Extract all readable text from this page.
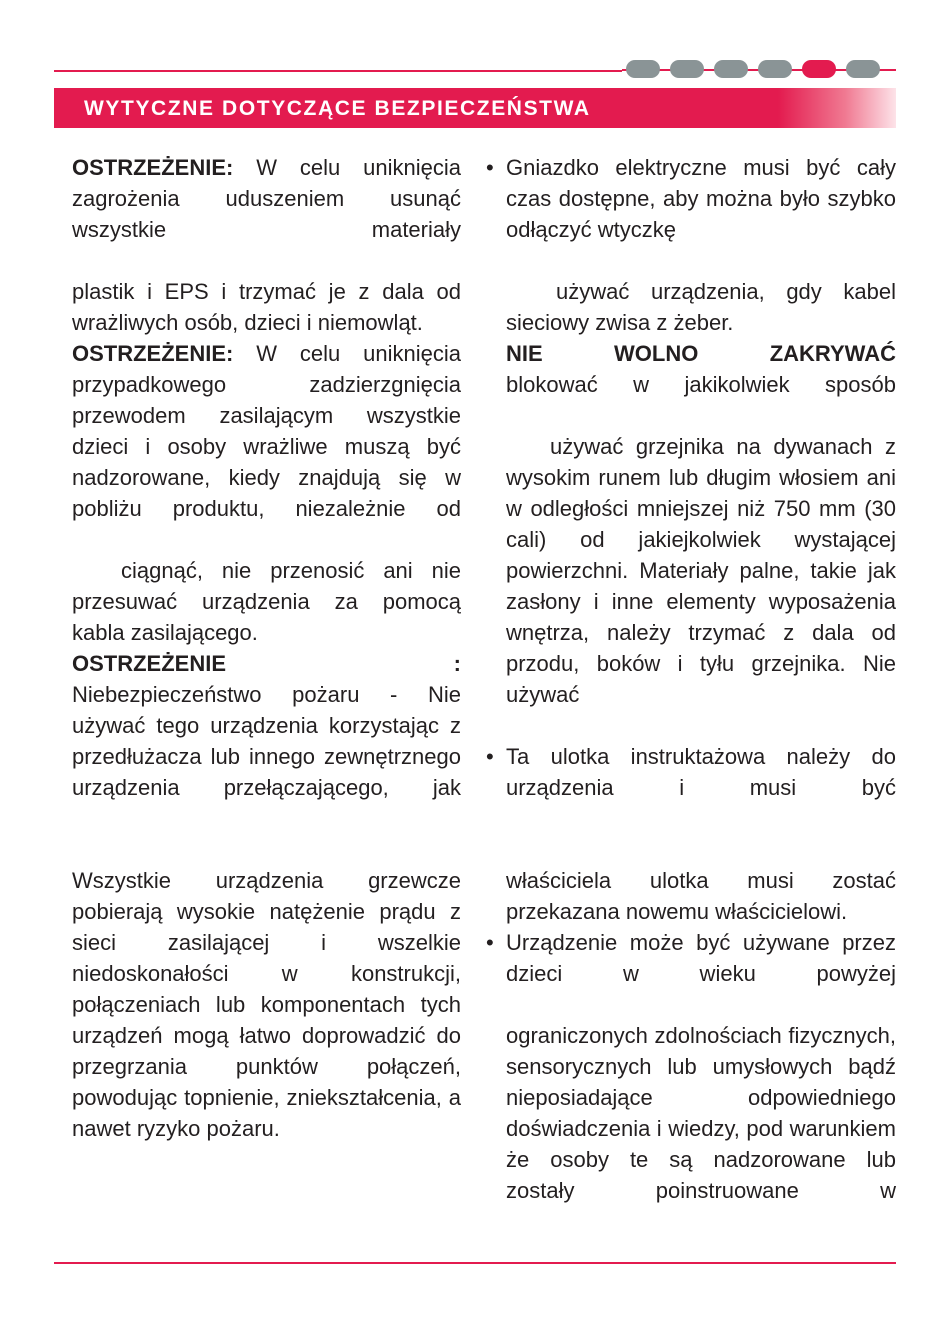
WYTYCZNE DOTYCZĄCE BEZPIECZEŃSTWA

OSTRZEŻENIE: W celu uniknięcia zagrożenia uduszeniem usunąć wszystkie materiały

plastik i EPS i trzymać je z dala od wrażliwych osób, dzieci i niemowląt.

OSTRZEŻENIE: W celu uniknięcia przypadkowego zadzierzgnięcia przewodem zasilającym wszystkie dzieci i osoby wrażliwe muszą być nadzorowane, kiedy znajdują się w pobliżu produktu, niezależnie od

ciągnąć, nie przenosić ani nie przesuwać urządzenia za pomocą kabla zasilającego.

OSTRZEŻENIE	:

Niebezpieczeństwo pożaru - Nie używać tego urządzenia korzystając z przedłużacza lub innego zewnętrznego urządzenia przełączającego, jak

Wszystkie urządzenia grzewcze pobierają wysokie natężenie prądu z sieci zasilającej i wszelkie niedoskonałości w konstrukcji, połączeniach lub komponentach tych urządzeń mogą łatwo doprowadzić do przegrzania punktów połączeń, powodując topnienie, zniekształcenia, a nawet ryzyko pożaru.

• Gniazdko elektryczne musi być cały czas dostępne, aby można było szybko odłączyć wtyczkę

używać urządzenia, gdy kabel sieciowy zwisa z żeber.

NIE WOLNO ZAKRYWAĆ

blokować w jakikolwiek sposób

używać grzejnika na dywanach z wysokim runem lub długim włosiem ani w odległości mniejszej niż 750 mm (30 cali) od jakiejkolwiek wystającej powierzchni. Materiały palne, takie jak zasłony i inne elementy wyposażenia wnętrza, należy trzymać z dala od przodu, boków i tyłu grzejnika. Nie używać

• Ta ulotka instruktażowa należy do urządzenia i musi być

właściciela ulotka musi zostać przekazana nowemu właścicielowi.

• Urządzenie może być używane przez dzieci w wieku powyżej

ograniczonych zdolnościach fizycznych, sensorycznych lub umysłowych bądź nieposiadające odpowiedniego doświadczenia i wiedzy, pod warunkiem że osoby te są nadzorowane lub zostały poinstruowane w
